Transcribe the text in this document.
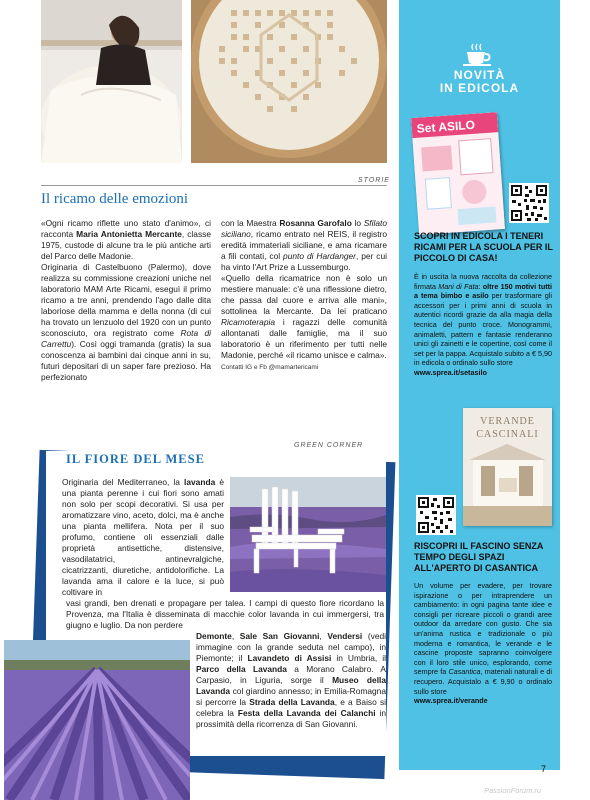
STORIE
Il ricamo delle emozioni

«Ogni ricamo riflette uno stato d'animo», ci racconta Maria Antonietta Mercante, classe 1975, custode di alcune tra le più antiche arti del Parco delle Madonie.

Originaria di Castelbuono (Palermo), dove realizza su commissione creazioni uniche nel laboratorio MAM Arte Ricami, eseguì il primo ricamo a tre anni, prendendo l'ago dalle dita laboriose della mamma e della nonna (di cui ha trovato un lenzuolo del 1920 con un punto sconosciuto, ora registrato come Rota di Carrettu). Così oggi tramanda (gratis) la sua conoscenza ai bambini dai cinque anni in su, futuri depositari di un saper fare prezioso. Ha perfezionato

con la Maestra Rosanna Garofalo lo Sfilato siciliano, ricamo entrato nel REIS, il registro eredità immateriali siciliane, e ama ricamare a fili contati, col punto di Hardanger, per cui ha vinto l'Art Prize a Lussemburgo.

«Quello della ricamatrice non è solo un mestiere manuale: c'è una riflessione dietro, che passa dal cuore e arriva alle mani», sottolinea la Mercante. Da lei praticano Ricamoterapia i ragazzi delle comunità allontanati dalle famiglie, ma il suo laboratorio è un riferimento per tutti nelle Madonie, perché «il ricamo unisce e calma».

Contatti IG e Fb @mamartericami

NOVITÀ
IN EDICOLA
Set ASILO
SCOPRI IN EDICOLA I TENERI RICAMI PER LA SCUOLA PER IL PICCOLO DI CASA!

È in uscita la nuova raccolta da collezione firmata Mani di Fata: oltre 150 motivi tutti a tema bimbo e asilo per trasformare gli accessori per i primi anni di scuola in autentici ricordi grazie da alla magia della tecnica del punto croce. Monogrammi, animaletti, pattern e fantasie renderanno unici gli zainetti e le copertine, così come il set per la pappa. Acquistalo subito a € 5,90 in edicola o ordinalo sullo store

www.sprea.it/setasilo

VERANDE
CASCINALI
RISCOPRI IL FASCINO SENZA TEMPO DEGLI SPAZI ALL'APERTO DI CASANTICA

Un volume per evadere, per trovare ispirazione o per intraprendere un cambiamento: in ogni pagina tante idee e consigli per ricreare piccoli o grandi aree outdoor da arredare con gusto. Che sia un'anima rustica e tradizionale o più moderna e romantica, le verande e le cascine proposte sapranno coinvolgere con il loro stile unico, esplorando, come sempre fa Casantica, materiali naturali e di recupero. Acquistalo a € 9,90 o ordinalo sullo store

www.sprea.it/verande

GREEN CORNER
IL FIORE DEL MESE

Originaria del Mediterraneo, la lavanda è una pianta perenne i cui fiori sono amati non solo per scopi decorativi. Si usa per aromatizzare vino, aceto, dolci, ma è anche una pianta mellifera. Nota per il suo profumo, contiene oli essenziali dalle proprietà antisettiche, distensive, vasodilatatrici, antinevralgiche, cicatrizzanti, diuretiche, antidolorifiche. La lavanda ama il calore e la luce, si può coltivare in

vasi grandi, ben drenati e propagare per talea. I campi di questo fiore ricordano la Provenza, ma l'Italia è disseminata di macchie color lavanda in cui immergersi, tra giugno e luglio. Da non perdere

Demonte, Sale San Giovanni, Vendersi (vedi immagine con la grande seduta nel campo), in Piemonte; il Lavandeto di Assisi in Umbria, il Parco della Lavanda a Morano Calabro. A Carpasio, in Liguria, sorge il Museo della Lavanda col giardino annesso; in Emilia-Romagna si percorre la Strada della Lavanda, e a Baiso si celebra la Festa della Lavanda dei Calanchi in prossimità della ricorrenza di San Giovanni.

7
PassionForum.ru
